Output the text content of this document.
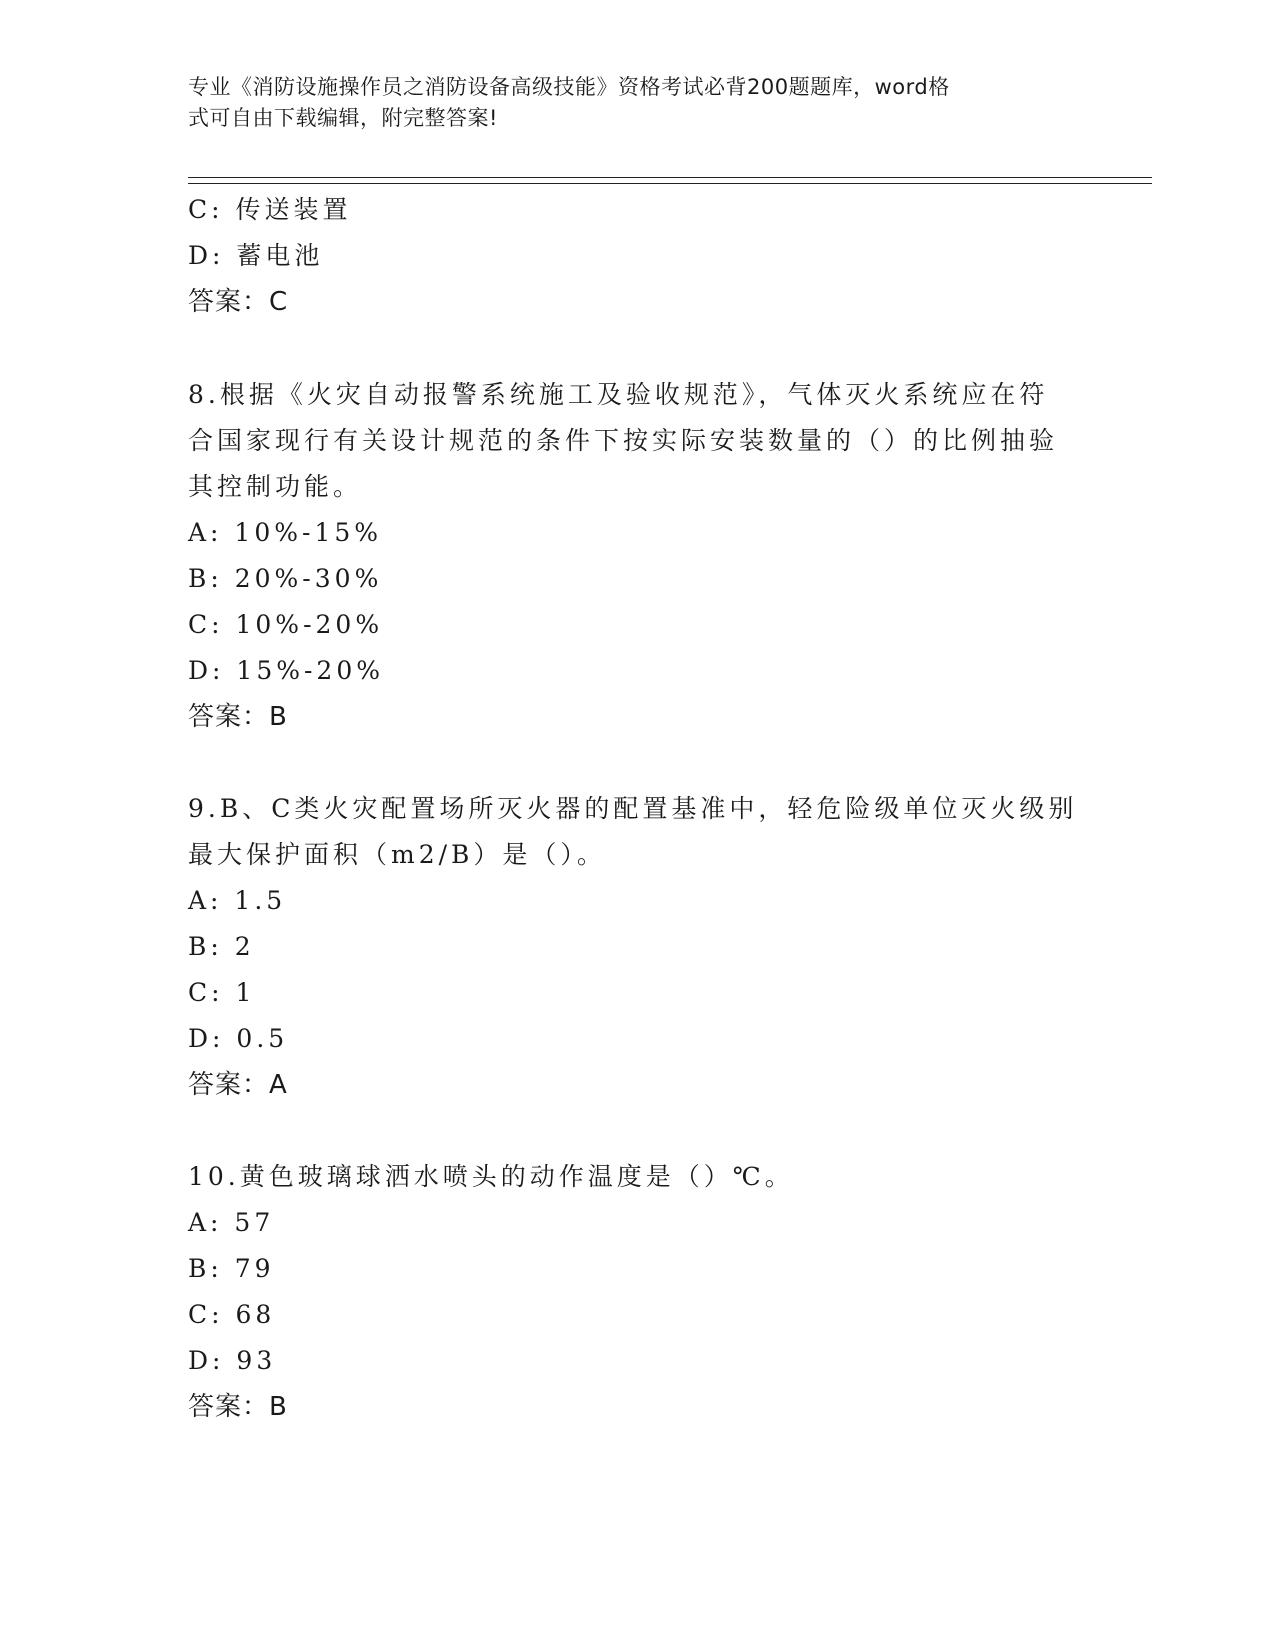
专业《消防设施操作员之消防设备高级技能》资格考试必背200题题库，word格
式可自由下载编辑，附完整答案!
C: 传送装置
D: 蓄电池
答案：C
8.根据《火灾自动报警系统施工及验收规范》，气体灭火系统应在符
合国家现行有关设计规范的条件下按实际安装数量的（）的比例抽验
其控制功能。
A: 10%-15%
B: 20%-30%
C: 10%-20%
D: 15%-20%
答案：B
9.B、C类火灾配置场所灭火器的配置基准中，轻危险级单位灭火级别
最大保护面积（m2/B）是（）。
A: 1.5
B: 2
C: 1
D: 0.5
答案：A
10.黄色玻璃球洒水喷头的动作温度是（）℃。
A: 57
B: 79
C: 68
D: 93
答案：B
